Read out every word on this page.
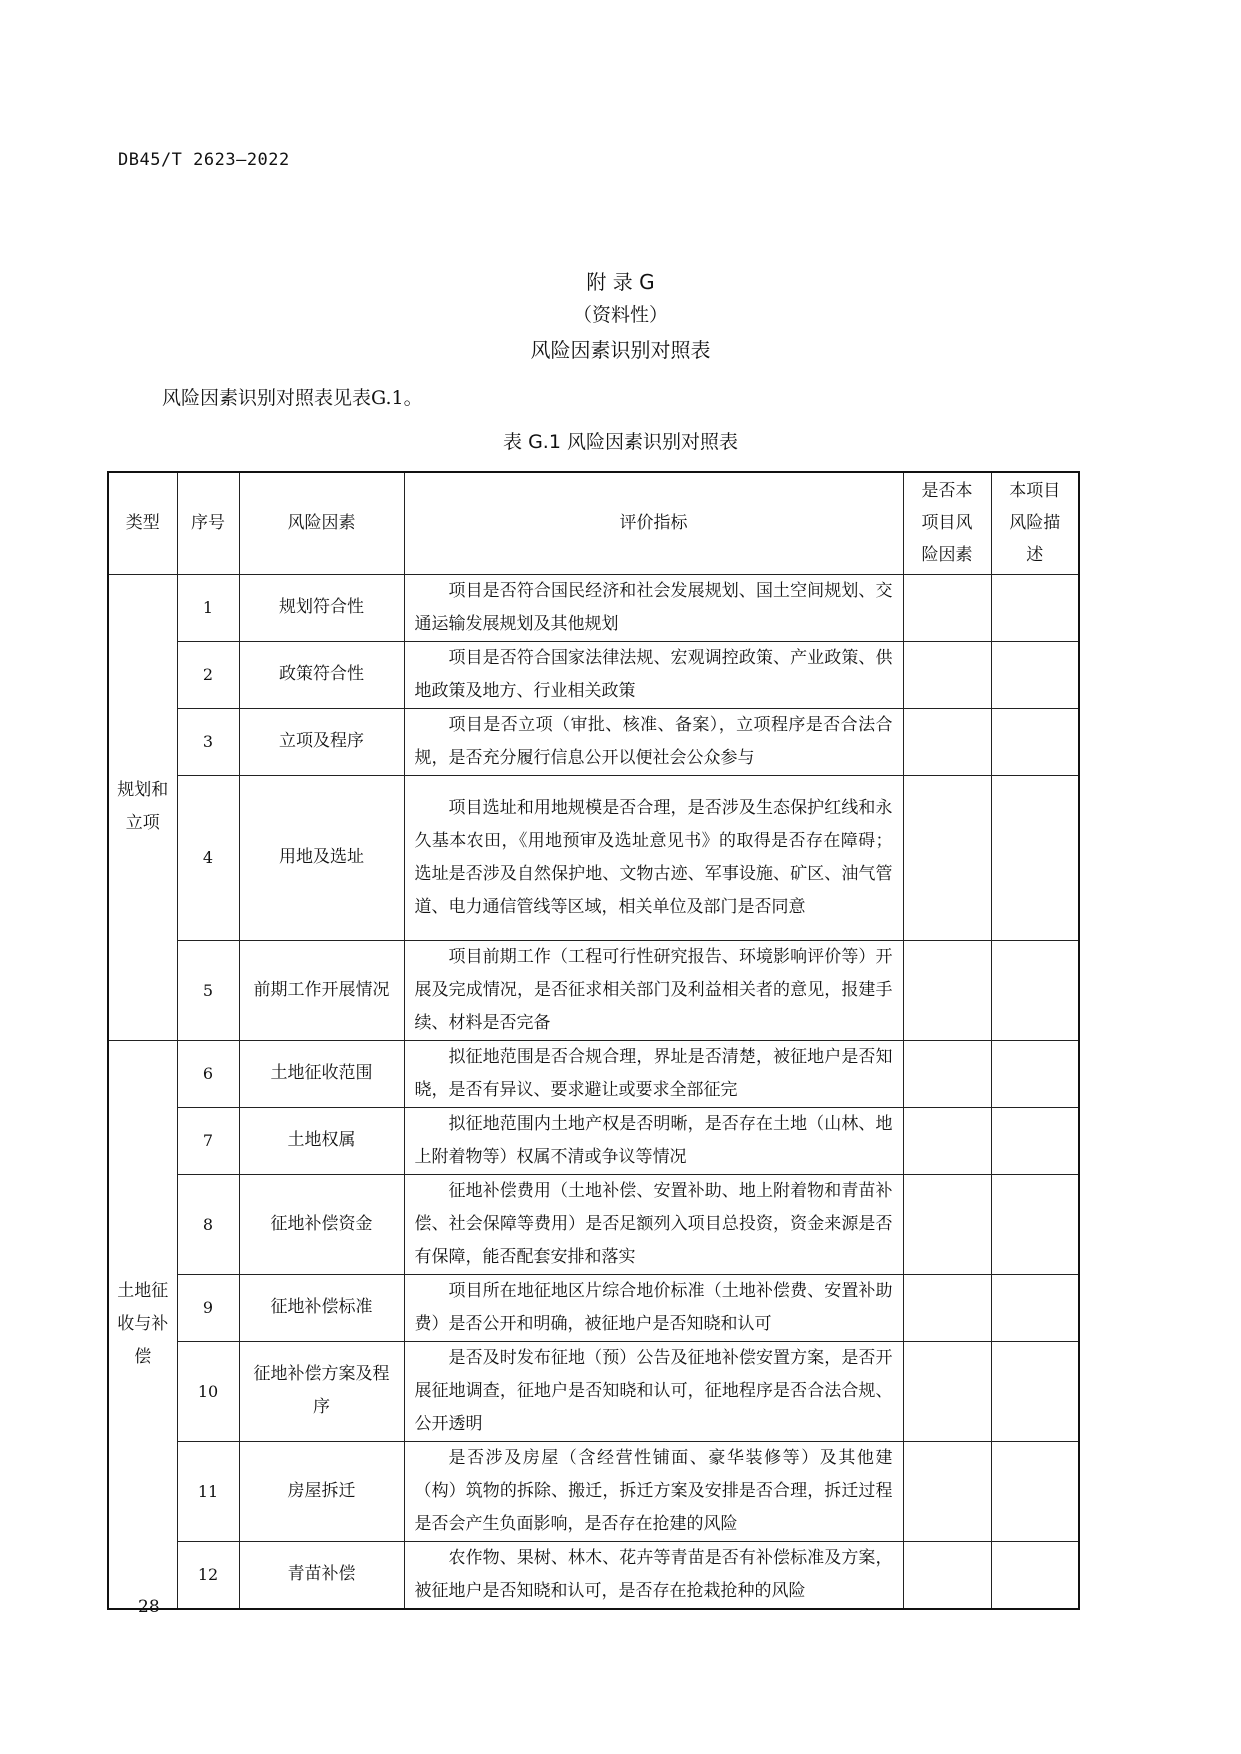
DB45/T 2623—2022
附 录 G
（资料性）
风险因素识别对照表
风险因素识别对照表见表G.1。
表 G.1 风险因素识别对照表
类型	序号	风险因素	评价指标	是否本项目风险因素	本项目风险描述
规划和立项	1	规划符合性	项目是否符合国民经济和社会发展规划、国土空间规划、交通运输发展规划及其他规划		
	2	政策符合性	项目是否符合国家法律法规、宏观调控政策、产业政策、供地政策及地方、行业相关政策		
	3	立项及程序	项目是否立项（审批、核准、备案），立项程序是否合法合规，是否充分履行信息公开以便社会公众参与		
	4	用地及选址	项目选址和用地规模是否合理，是否涉及生态保护红线和永久基本农田，《用地预审及选址意见书》的取得是否存在障碍；选址是否涉及自然保护地、文物古迹、军事设施、矿区、油气管道、电力通信管线等区域，相关单位及部门是否同意		
	5	前期工作开展情况	项目前期工作（工程可行性研究报告、环境影响评价等）开展及完成情况，是否征求相关部门及利益相关者的意见，报建手续、材料是否完备		
土地征收与补偿	6	土地征收范围	拟征地范围是否合规合理，界址是否清楚，被征地户是否知晓，是否有异议、要求避让或要求全部征完		
	7	土地权属	拟征地范围内土地产权是否明晰，是否存在土地（山林、地上附着物等）权属不清或争议等情况		
	8	征地补偿资金	征地补偿费用（土地补偿、安置补助、地上附着物和青苗补偿、社会保障等费用）是否足额列入项目总投资，资金来源是否有保障，能否配套安排和落实		
	9	征地补偿标准	项目所在地征地区片综合地价标准（土地补偿费、安置补助费）是否公开和明确，被征地户是否知晓和认可		
	10	征地补偿方案及程序	是否及时发布征地（预）公告及征地补偿安置方案，是否开展征地调查，征地户是否知晓和认可，征地程序是否合法合规、公开透明		
	11	房屋拆迁	是否涉及房屋（含经营性铺面、豪华装修等）及其他建（构）筑物的拆除、搬迁，拆迁方案及安排是否合理，拆迁过程是否会产生负面影响，是否存在抢建的风险		
	12	青苗补偿	农作物、果树、林木、花卉等青苗是否有补偿标准及方案，被征地户是否知晓和认可，是否存在抢栽抢种的风险		
28
